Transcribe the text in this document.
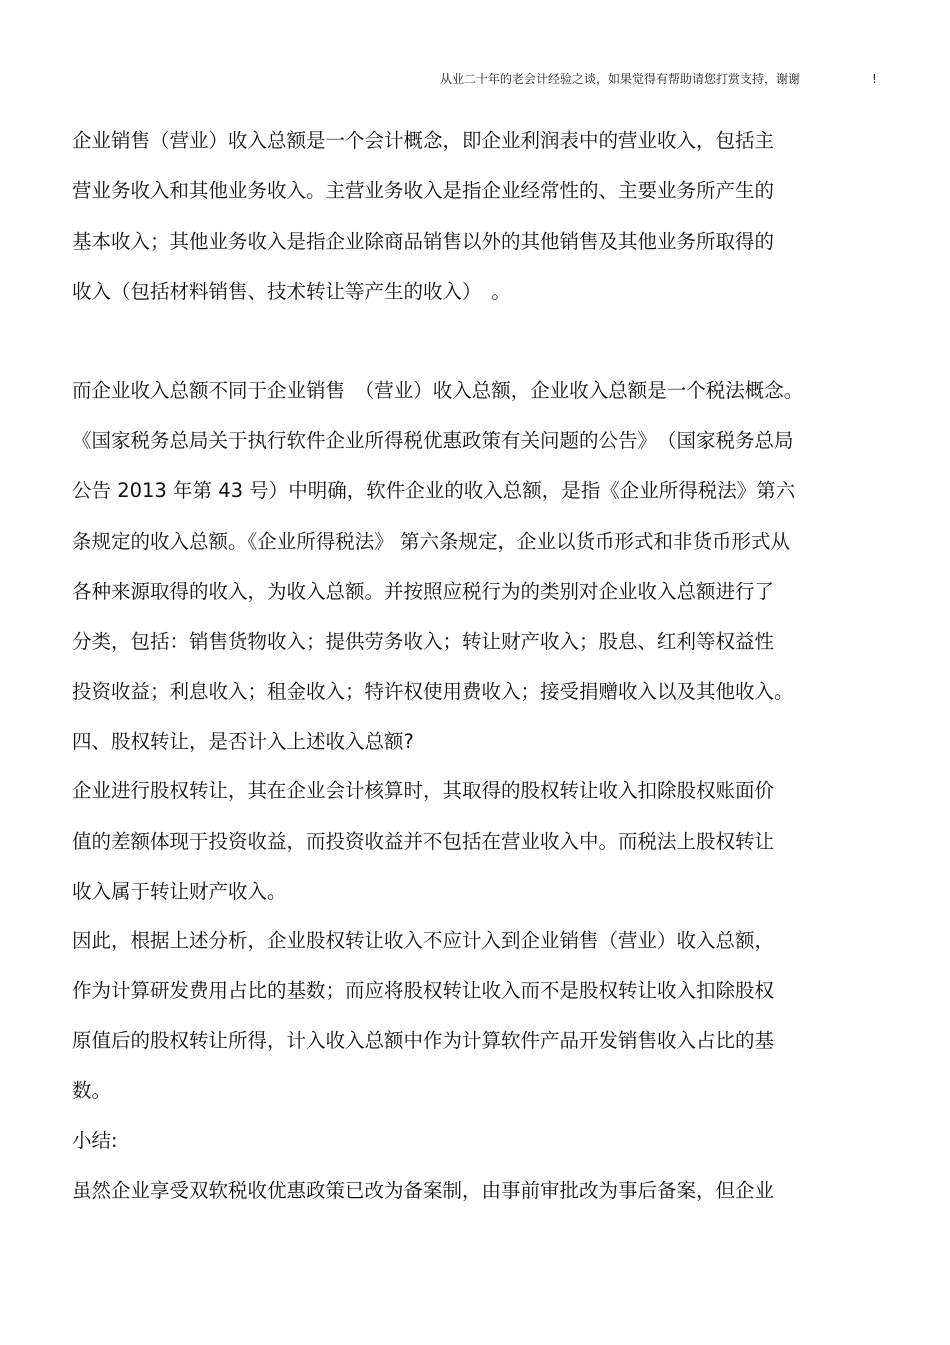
从业二十年的老会计经验之谈，如果觉得有帮助请您打赏支持，谢谢	!
企业销售（营业）收入总额是一个会计概念，即企业利润表中的营业收入，包括主
营业务收入和其他业务收入。主营业务收入是指企业经常性的、主要业务所产生的
基本收入；其他业务收入是指企业除商品销售以外的其他销售及其他业务所取得的
收入（包括材料销售、技术转让等产生的收入）　。
而企业收入总额不同于企业销售　（营业）收入总额，企业收入总额是一个税法概念。
《国家税务总局关于执行软件企业所得税优惠政策有关问题的公告》　（国家税务总局
公告 2013 年第 43 号）中明确，软件企业的收入总额，是指《企业所得税法》第六
条规定的收入总额。《企业所得税法》 第六条规定，企业以货币形式和非货币形式从
各种来源取得的收入，为收入总额。并按照应税行为的类别对企业收入总额进行了
分类，包括：销售货物收入；提供劳务收入；转让财产收入；股息、红利等权益性
投资收益；利息收入；租金收入；特许权使用费收入；接受捐赠收入以及其他收入。
四、股权转让，是否计入上述收入总额?
企业进行股权转让，其在企业会计核算时，其取得的股权转让收入扣除股权账面价
值的差额体现于投资收益，而投资收益并不包括在营业收入中。而税法上股权转让
收入属于转让财产收入。
因此，根据上述分析，企业股权转让收入不应计入到企业销售（营业）收入总额，
作为计算研发费用占比的基数；而应将股权转让收入而不是股权转让收入扣除股权
原值后的股权转让所得，计入收入总额中作为计算软件产品开发销售收入占比的基
数。
小结:
虽然企业享受双软税收优惠政策已改为备案制，由事前审批改为事后备案，但企业
